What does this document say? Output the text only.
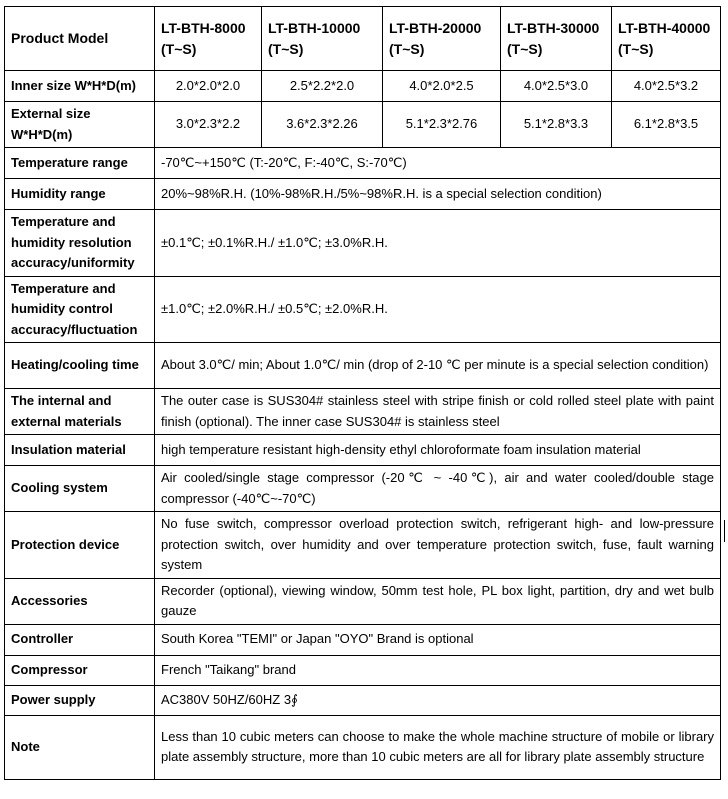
Product Model	LT-BTH-8000 (T~S)	LT-BTH-10000 (T~S)	LT-BTH-20000 (T~S)	LT-BTH-30000 (T~S)	LT-BTH-40000 (T~S)
Inner size W*H*D(m)	2.0*2.0*2.0	2.5*2.2*2.0	4.0*2.0*2.5	4.0*2.5*3.0	4.0*2.5*3.2
External size W*H*D(m)	3.0*2.3*2.2	3.6*2.3*2.26	5.1*2.3*2.76	5.1*2.8*3.3	6.1*2.8*3.5
Temperature range	-70℃~+150℃ (T:-20℃, F:-40℃, S:-70℃)				
Humidity range	20%~98%R.H. (10%-98%R.H./5%~98%R.H. is a special selection condition)				
Temperature and humidity resolution accuracy/uniformity	±0.1℃; ±0.1%R.H./ ±1.0℃; ±3.0%R.H.				
Temperature and humidity control accuracy/fluctuation	±1.0℃; ±2.0%R.H./ ±0.5℃; ±2.0%R.H.				
Heating/cooling time	About 3.0℃/ min; About 1.0℃/ min (drop of 2-10 ℃ per minute is a special selection condition)				
The internal and external materials	The outer case is SUS304# stainless steel with stripe finish or cold rolled steel plate with paint finish (optional). The inner case SUS304# is stainless steel				
Insulation material	high temperature resistant high-density ethyl chloroformate foam insulation material				
Cooling system	Air cooled/single stage compressor (-20℃ ~ -40℃), air and water cooled/double stage compressor (-40℃~-70℃)				
Protection device	No fuse switch, compressor overload protection switch, refrigerant high- and low-pressure protection switch, over humidity and over temperature protection switch, fuse, fault warning system				
Accessories	Recorder (optional), viewing window, 50mm test hole, PL box light, partition, dry and wet bulb gauze				
Controller	South Korea "TEMI" or Japan "OYO" Brand is optional				
Compressor	French "Taikang" brand				
Power supply	AC380V 50HZ/60HZ 3∮				
Note	Less than 10 cubic meters can choose to make the whole machine structure of mobile or library plate assembly structure, more than 10 cubic meters are all for library plate assembly structure				
